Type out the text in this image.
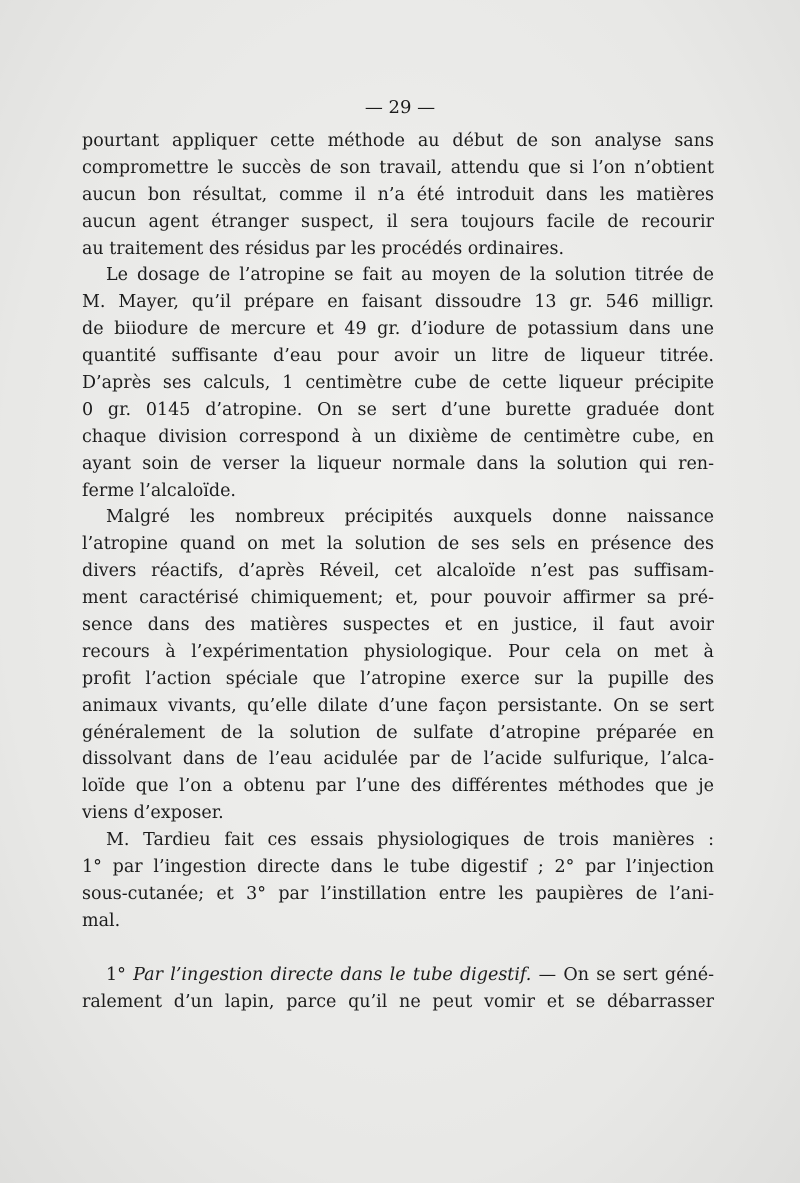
— 29 —
pourtant appliquer cette méthode au début de son analyse sans
compromettre le succès de son travail, attendu que si l’on n’obtient
aucun bon résultat, comme il n’a été introduit dans les matières
aucun agent étranger suspect, il sera toujours facile de recourir
au traitement des résidus par les procédés ordinaires.
Le dosage de l’atropine se fait au moyen de la solution titrée de
M. Mayer, qu’il prépare en faisant dissoudre 13 gr. 546 milligr.
de biiodure de mercure et 49 gr. d’iodure de potassium dans une
quantité suffisante d’eau pour avoir un litre de liqueur titrée.
D’après ses calculs, 1 centimètre cube de cette liqueur précipite
0 gr. 0145 d’atropine. On se sert d’une burette graduée dont
chaque division correspond à un dixième de centimètre cube, en
ayant soin de verser la liqueur normale dans la solution qui ren-
ferme l’alcaloïde.
Malgré les nombreux précipités auxquels donne naissance
l’atropine quand on met la solution de ses sels en présence des
divers réactifs, d’après Réveil, cet alcaloïde n’est pas suffisam-
ment caractérisé chimiquement; et, pour pouvoir affirmer sa pré-
sence dans des matières suspectes et en justice, il faut avoir
recours à l’expérimentation physiologique. Pour cela on met à
profit l’action spéciale que l’atropine exerce sur la pupille des
animaux vivants, qu’elle dilate d’une façon persistante. On se sert
généralement de la solution de sulfate d’atropine préparée en
dissolvant dans de l’eau acidulée par de l’acide sulfurique, l’alca-
loïde que l’on a obtenu par l’une des différentes méthodes que je
viens d’exposer.
M. Tardieu fait ces essais physiologiques de trois manières :
1° par l’ingestion directe dans le tube digestif ; 2° par l’injection
sous-cutanée; et 3° par l’instillation entre les paupières de l’ani-
mal.
1° Par l’ingestion directe dans le tube digestif. — On se sert géné-
ralement d’un lapin, parce qu’il ne peut vomir et se débarrasser
